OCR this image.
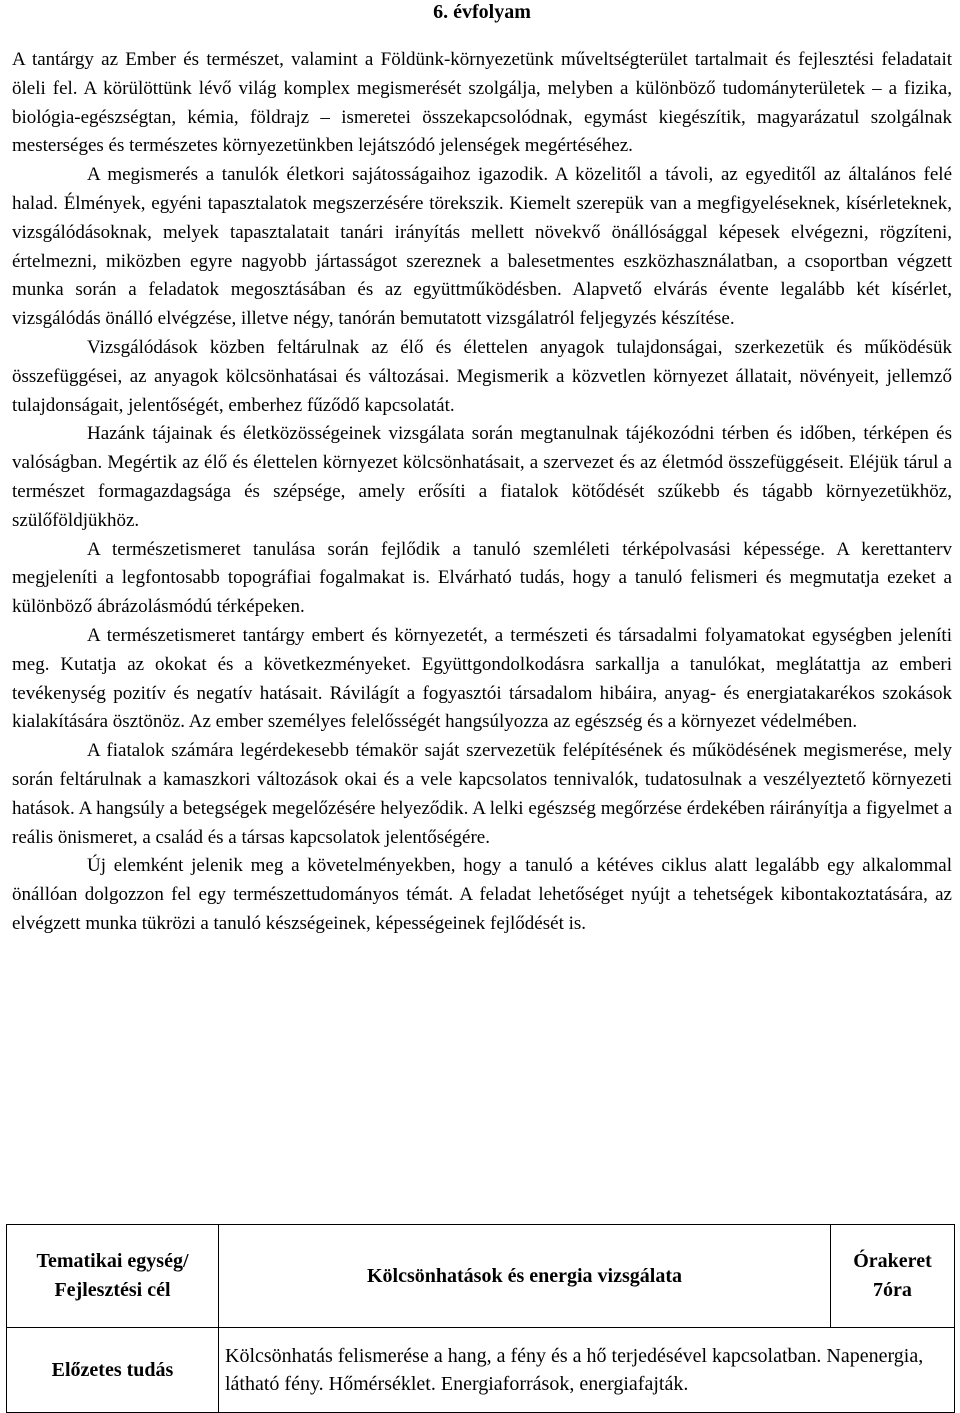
6. évfolyam

A tantárgy az Ember és természet, valamint a Földünk-környezetünk műveltségterület tartalmait és fejlesztési feladatait öleli fel. A körülöttünk lévő világ komplex megismerését szolgálja, melyben a különböző tudományterületek – a fizika, biológia-egészségtan, kémia, földrajz – ismeretei összekapcsolódnak, egymást kiegészítik, magyarázatul szolgálnak mesterséges és természetes környezetünkben lejátszódó jelenségek megértéséhez.

A megismerés a tanulók életkori sajátosságaihoz igazodik. A közelitől a távoli, az egyeditől az általános felé halad. Élmények, egyéni tapasztalatok megszerzésére törekszik. Kiemelt szerepük van a megfigyeléseknek, kísérleteknek, vizsgálódásoknak, melyek tapasztalatait tanári irányítás mellett növekvő önállósággal képesek elvégezni, rögzíteni, értelmezni, miközben egyre nagyobb jártasságot szereznek a balesetmentes eszközhasználatban, a csoportban végzett munka során a feladatok megosztásában és az együttműködésben. Alapvető elvárás évente legalább két kísérlet, vizsgálódás önálló elvégzése, illetve négy, tanórán bemutatott vizsgálatról feljegyzés készítése.

Vizsgálódások közben feltárulnak az élő és élettelen anyagok tulajdonságai, szerkezetük és működésük összefüggései, az anyagok kölcsönhatásai és változásai. Megismerik a közvetlen környezet állatait, növényeit, jellemző tulajdonságait, jelentőségét, emberhez fűződő kapcsolatát.

Hazánk tájainak és életközösségeinek vizsgálata során megtanulnak tájékozódni térben és időben, térképen és valóságban. Megértik az élő és élettelen környezet kölcsönhatásait, a szervezet és az életmód összefüggéseit. Eléjük tárul a természet formagazdagsága és szépsége, amely erősíti a fiatalok kötődését szűkebb és tágabb környezetükhöz, szülőföldjükhöz.

A természetismeret tanulása során fejlődik a tanuló szemléleti térképolvasási képessége. A kerettanterv megjeleníti a legfontosabb topográfiai fogalmakat is. Elvárható tudás, hogy a tanuló felismeri és megmutatja ezeket a különböző ábrázolásmódú térképeken.

A természetismeret tantárgy embert és környezetét, a természeti és társadalmi folyamatokat egységben jeleníti meg. Kutatja az okokat és a következményeket. Együttgondolkodásra sarkallja a tanulókat, meglátattja az emberi tevékenység pozitív és negatív hatásait. Rávilágít a fogyasztói társadalom hibáira, anyag- és energiatakarékos szokások kialakítására ösztönöz. Az ember személyes felelősségét hangsúlyozza az egészség és a környezet védelmében.

A fiatalok számára legérdekesebb témakör saját szervezetük felépítésének és működésének megismerése, mely során feltárulnak a kamaszkori változások okai és a vele kapcsolatos tennivalók, tudatosulnak a veszélyeztető környezeti hatások. A hangsúly a betegségek megelőzésére helyeződik. A lelki egészség megőrzése érdekében ráirányítja a figyelmet a reális önismeret, a család és a társas kapcsolatok jelentőségére.

Új elemként jelenik meg a követelményekben, hogy a tanuló a kétéves ciklus alatt legalább egy alkalommal önállóan dolgozzon fel egy természettudományos témát. A feladat lehetőséget nyújt a tehetségek kibontakoztatására, az elvégzett munka tükrözi a tanuló készségeinek, képességeinek fejlődését is.

Tematikai egység/ Fejlesztési cél	Kölcsönhatások és energia vizsgálata	Órakeret 7óra
Előzetes tudás	Kölcsönhatás felismerése a hang, a fény és a hő terjedésével kapcsolatban. Napenergia, látható fény. Hőmérséklet. Energiaforrások, energiafajták.	
